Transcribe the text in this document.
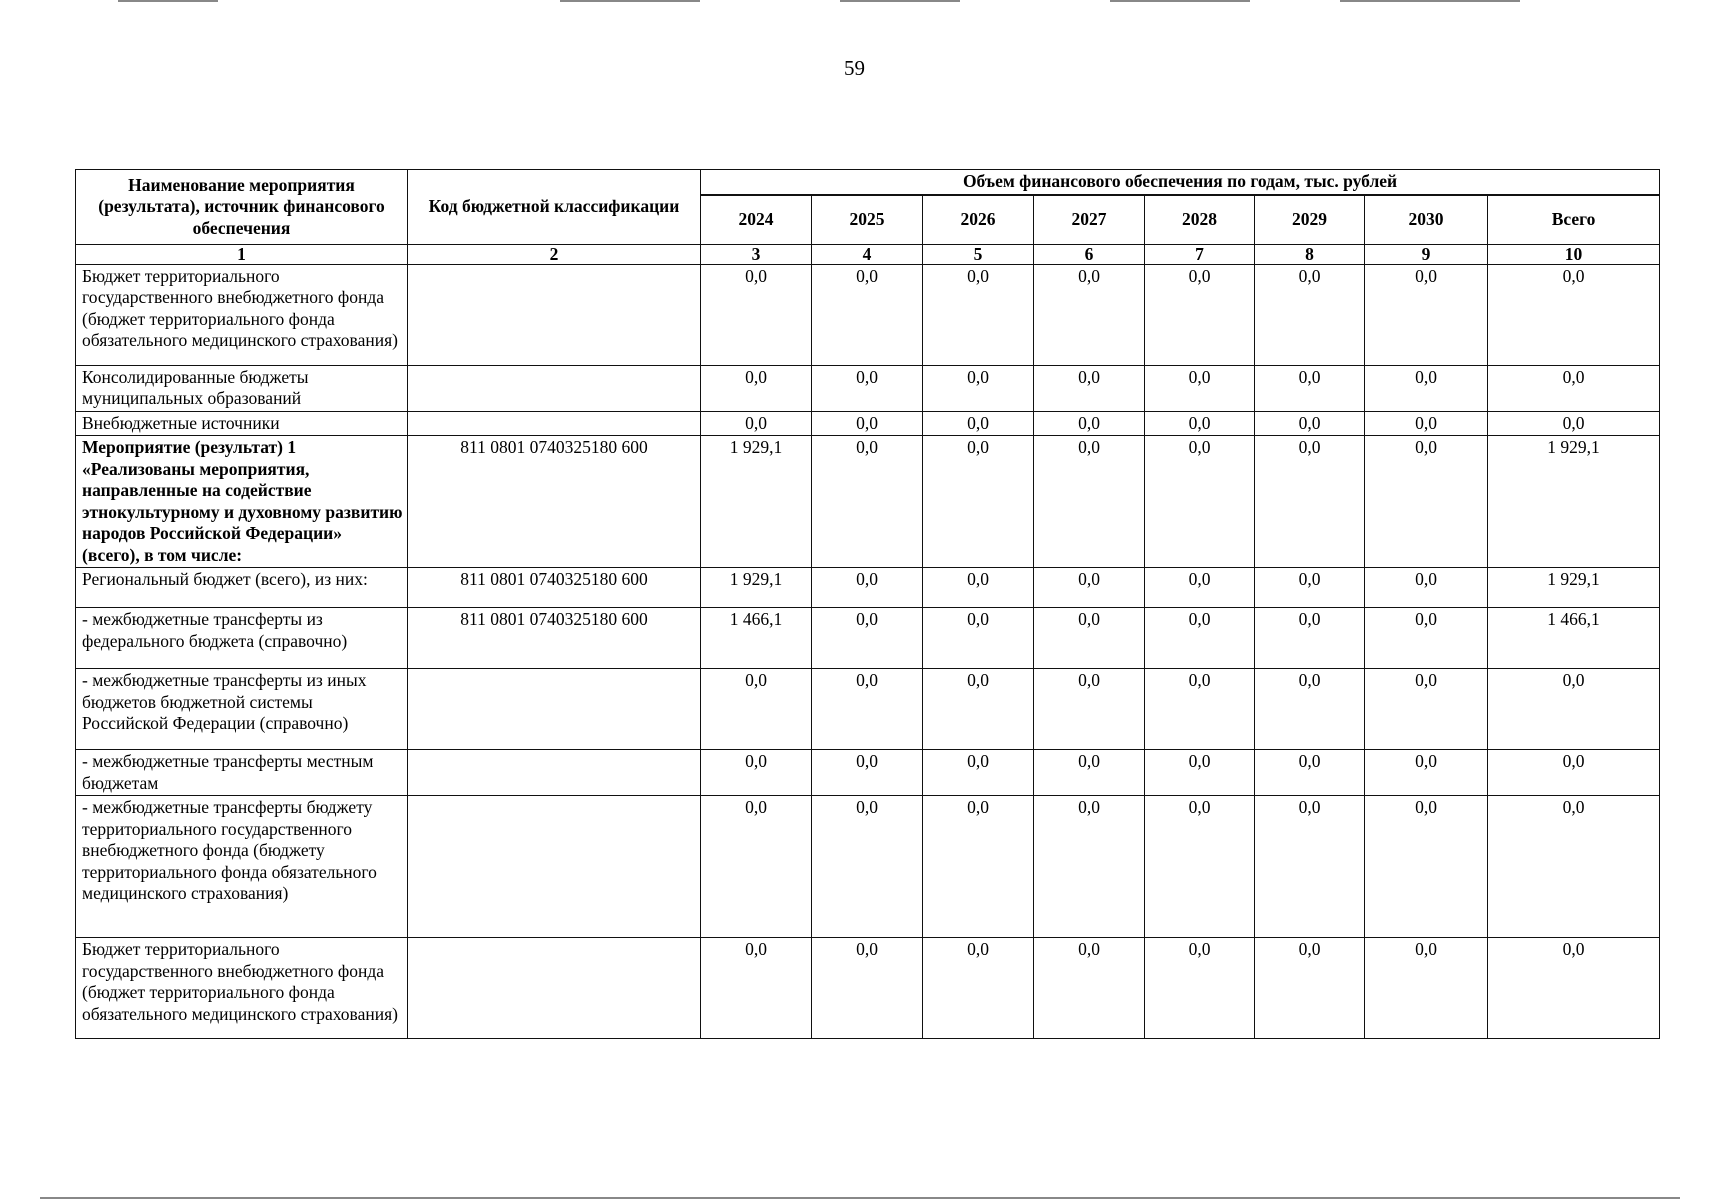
59
Наименование мероприятия (результата), источник финансового обеспечения	Код бюджетной классификации	Объем финансового обеспечения по годам, тыс. рублей							
		2024	2025	2026	2027	2028	2029	2030	Всего
1	2	3	4	5	6	7	8	9	10
Бюджет территориального государственного внебюджетного фонда (бюджет территориального фонда обязательного медицинского страхования)		0,0	0,0	0,0	0,0	0,0	0,0	0,0	0,0
Консолидированные бюджеты муниципальных образований		0,0	0,0	0,0	0,0	0,0	0,0	0,0	0,0
Внебюджетные источники		0,0	0,0	0,0	0,0	0,0	0,0	0,0	0,0
Мероприятие (результат) 1 «Реализованы мероприятия, направленные на содействие этнокультурному и духовному развитию народов Российской Федерации» (всего), в том числе:	811 0801 0740325180 600	1 929,1	0,0	0,0	0,0	0,0	0,0	0,0	1 929,1
Региональный бюджет (всего), из них:	811 0801 0740325180 600	1 929,1	0,0	0,0	0,0	0,0	0,0	0,0	1 929,1
- межбюджетные трансферты из федерального бюджета (справочно)	811 0801 0740325180 600	1 466,1	0,0	0,0	0,0	0,0	0,0	0,0	1 466,1
- межбюджетные трансферты из иных бюджетов бюджетной системы Российской Федерации (справочно)		0,0	0,0	0,0	0,0	0,0	0,0	0,0	0,0
- межбюджетные трансферты местным бюджетам		0,0	0,0	0,0	0,0	0,0	0,0	0,0	0,0
- межбюджетные трансферты бюджету территориального государственного внебюджетного фонда (бюджету территориального фонда обязательного медицинского страхования)		0,0	0,0	0,0	0,0	0,0	0,0	0,0	0,0
Бюджет территориального государственного внебюджетного фонда (бюджет территориального фонда обязательного медицинского страхования)		0,0	0,0	0,0	0,0	0,0	0,0	0,0	0,0
